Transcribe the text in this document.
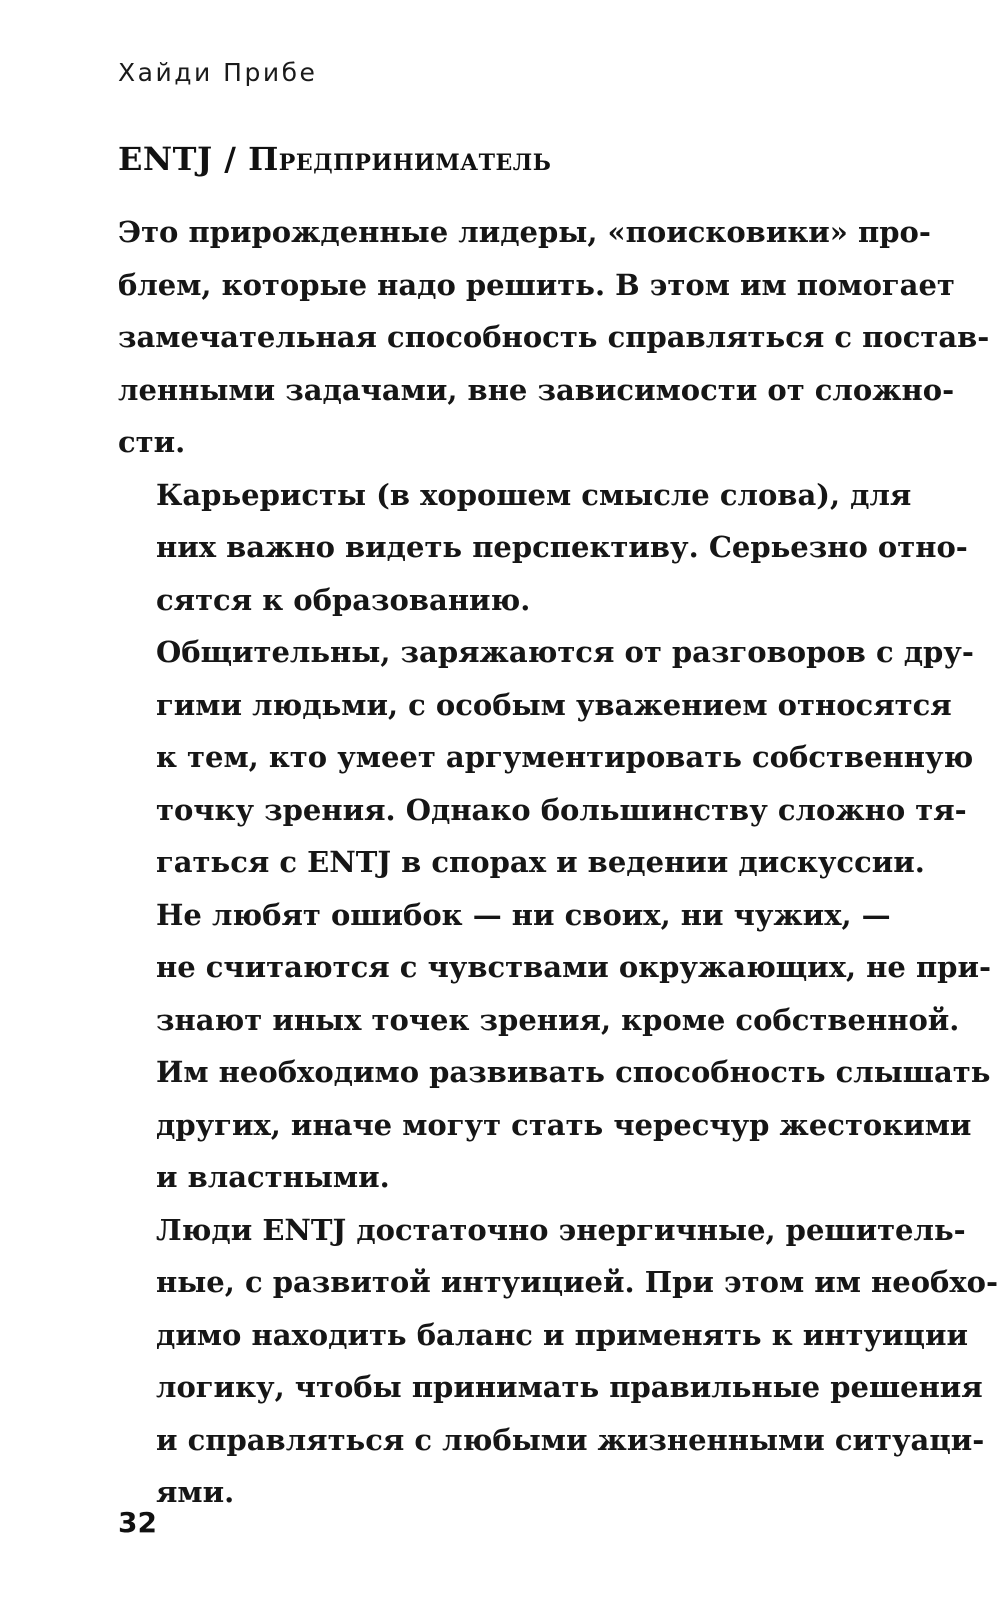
Хайди Прибе
ENTJ / Предприниматель

Это прирожденные лидеры, «поисковики» про-
блем, которые надо решить. В этом им помогает
замечательная способность справляться с постав-
ленными задачами, вне зависимости от сложно-
сти.

Карьеристы (в хорошем смысле слова), для
них важно видеть перспективу. Серьезно отно-
сятся к образованию.

Общительны, заряжаются от разговоров с дру-
гими людьми, с особым уважением относятся
к тем, кто умеет аргументировать собственную
точку зрения. Однако большинству сложно тя-
гаться с ENTJ в спорах и ведении дискуссии.

Не любят ошибок — ни своих, ни чужих, —
не считаются с чувствами окружающих, не при-
знают иных точек зрения, кроме собственной.
Им необходимо развивать способность слышать
других, иначе могут стать чересчур жестокими
и властными.

Люди ENTJ достаточно энергичные, решитель-
ные, с развитой интуицией. При этом им необхо-
димо находить баланс и применять к интуиции
логику, чтобы принимать правильные решения
и справляться с любыми жизненными ситуаци-
ями.

32
